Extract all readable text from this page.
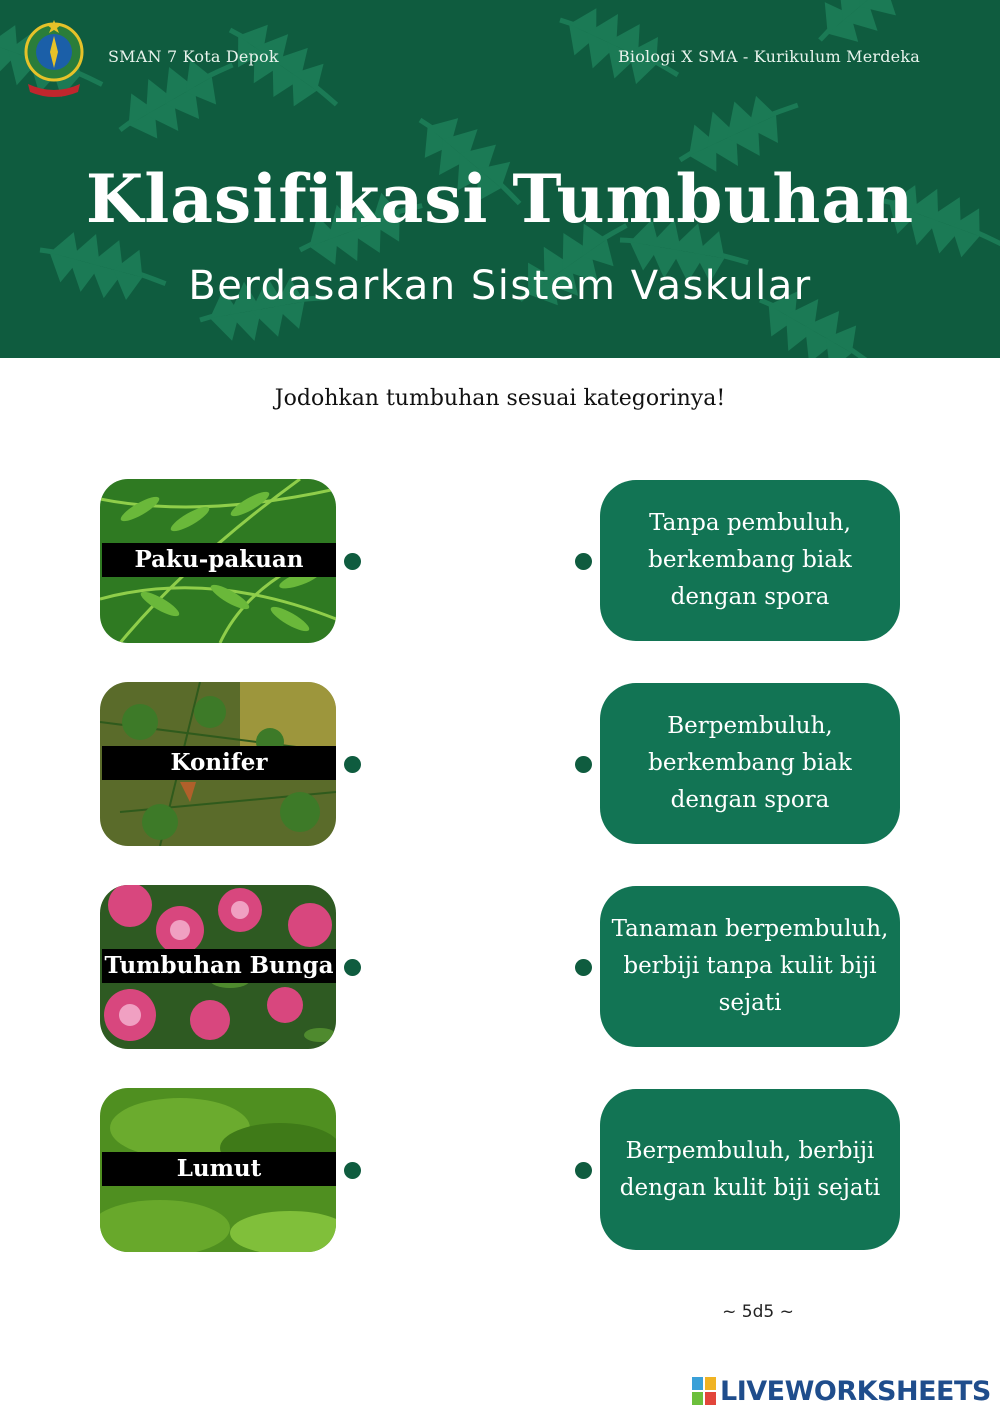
SMAN 7 Kota Depok	Biologi X SMA - Kurikulum Merdeka
Klasifikasi Tumbuhan
Berdasarkan Sistem Vaskular
Jodohkan tumbuhan sesuai kategorinya!
Paku-pakuan
Konifer
Tumbuhan Bunga
Lumut
Tanpa pembuluh, berkembang biak dengan spora
Berpembuluh, berkembang biak dengan spora
Tanaman berpembuluh, berbiji tanpa kulit biji sejati
Berpembuluh, berbiji dengan kulit biji sejati
~ 5d5 ~
LIVEWORKSHEETS
